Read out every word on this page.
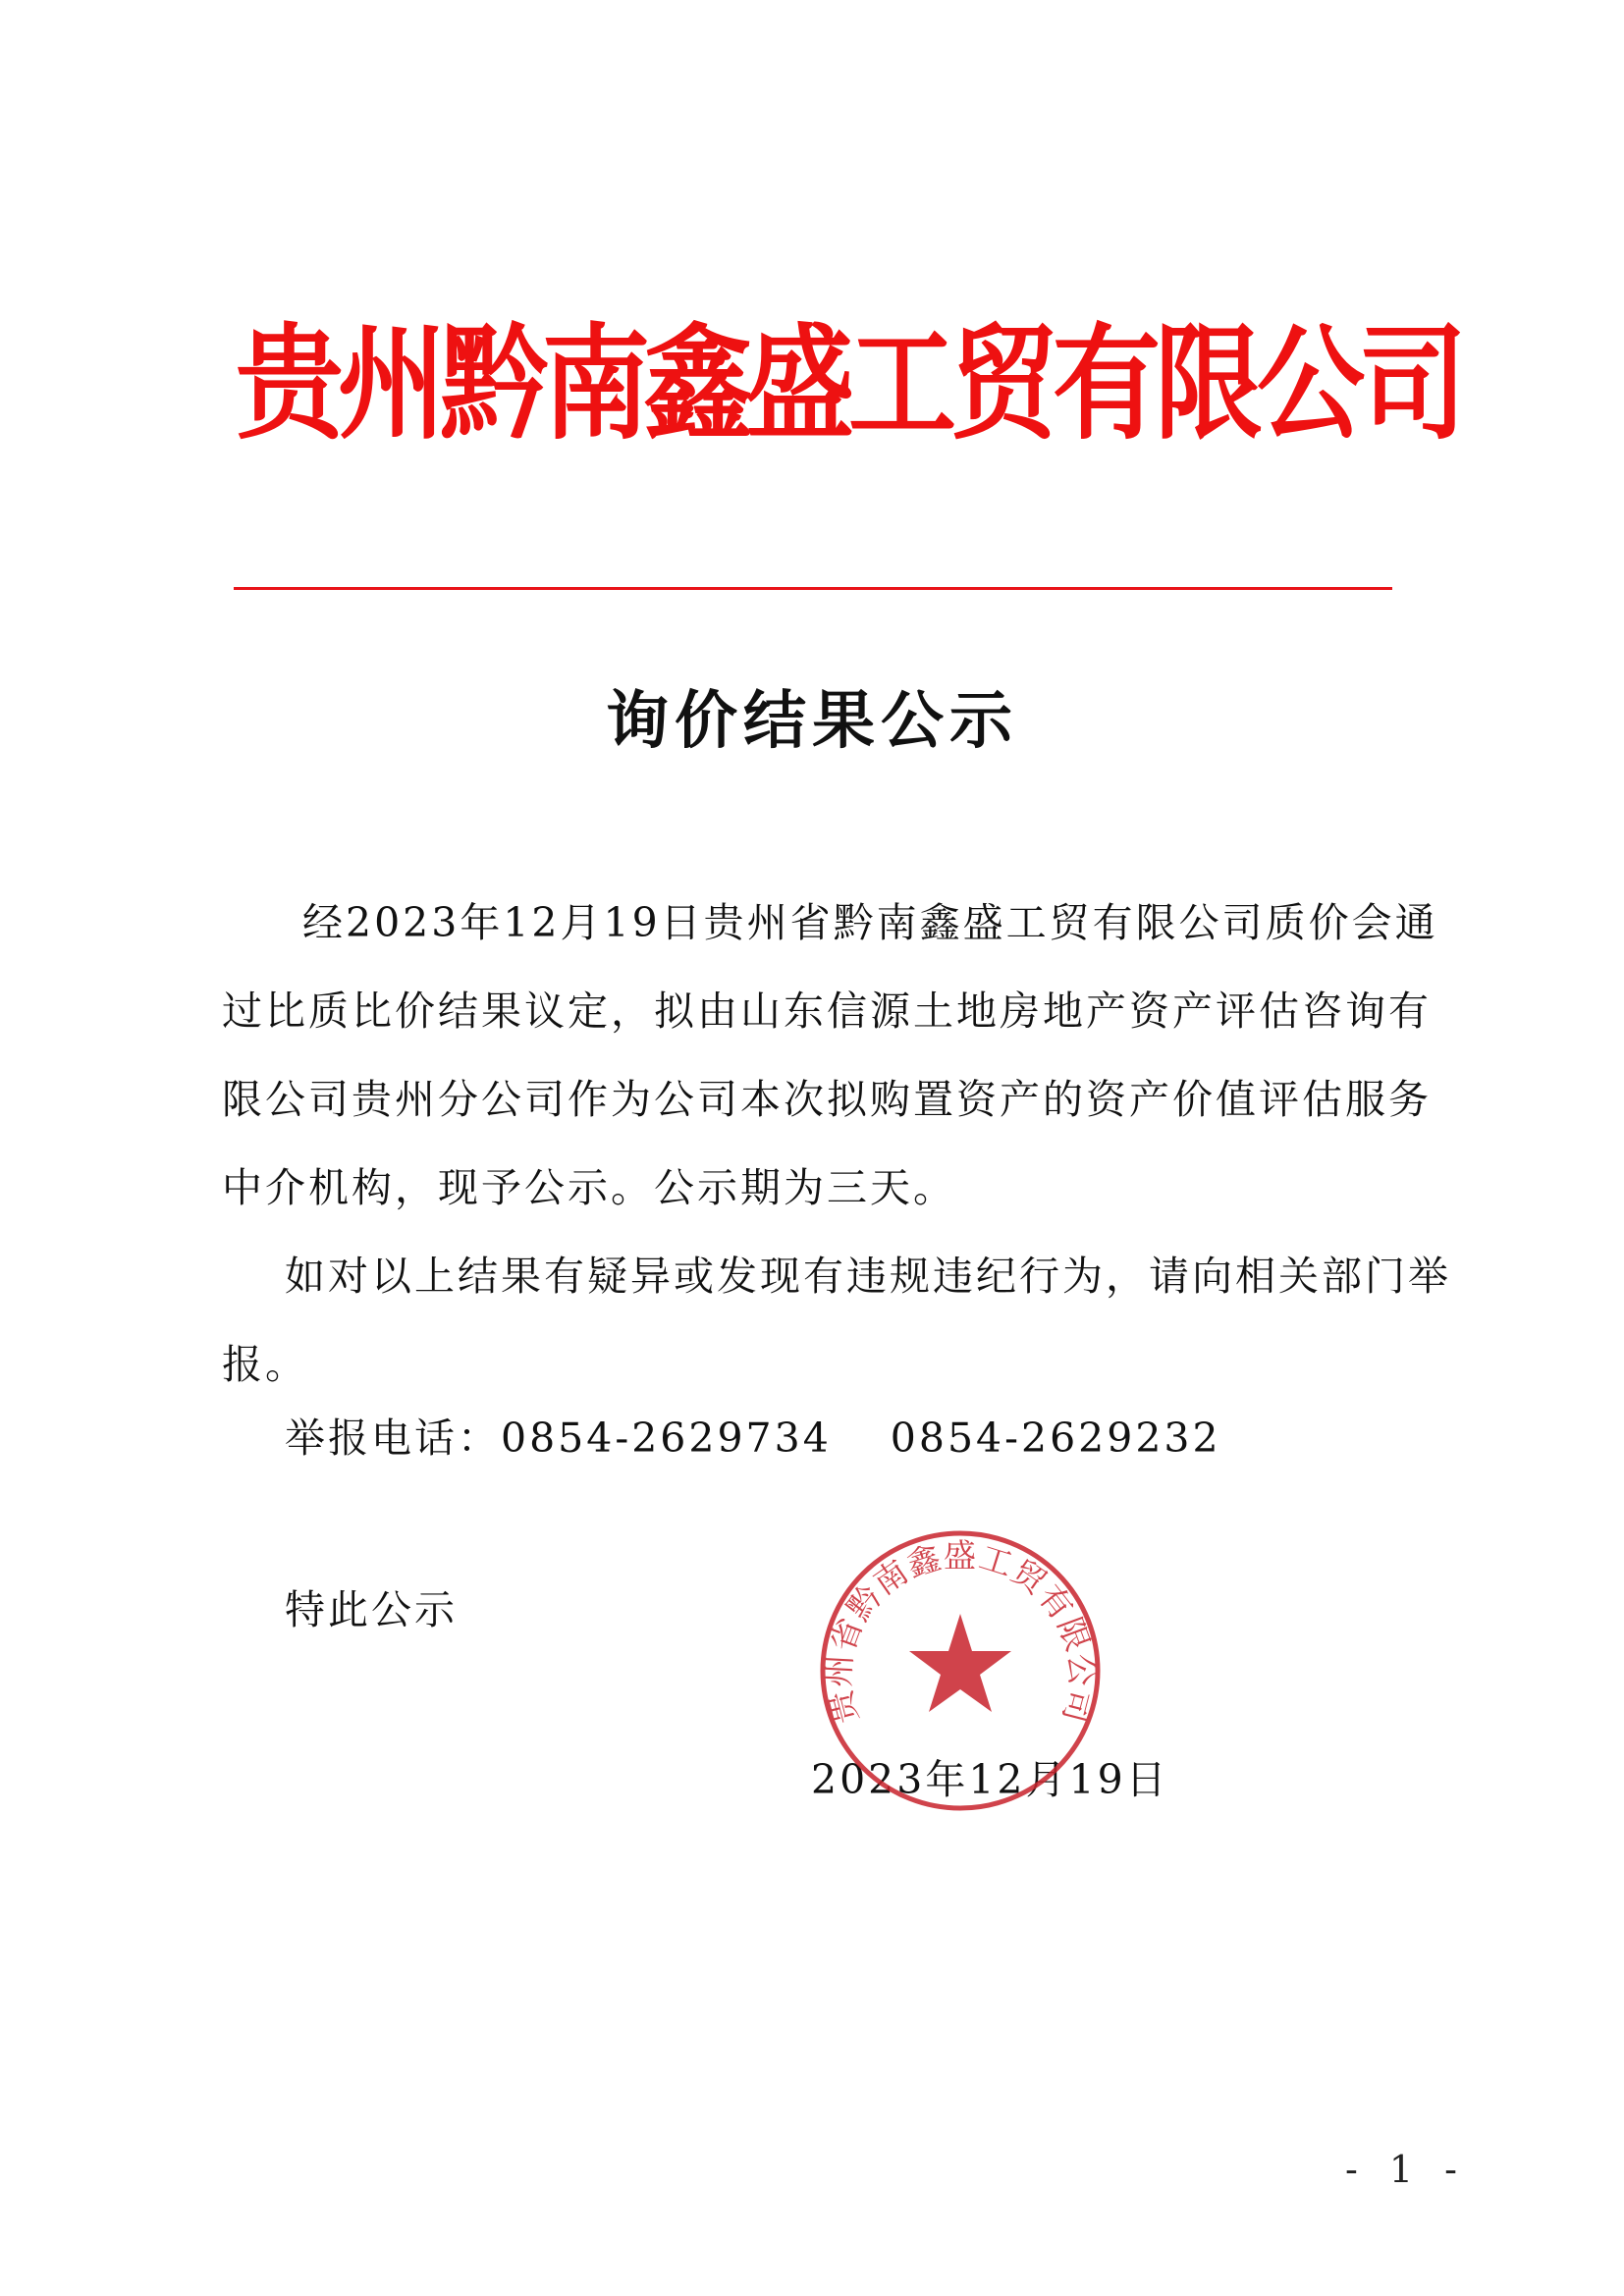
贵州黔南鑫盛工贸有限公司
询价结果公示
经2023年12月19日贵州省黔南鑫盛工贸有限公司质价会通过比质比价结果议定，拟由山东信源土地房地产资产评估咨询有限公司贵州分公司作为公司本次拟购置资产的资产价值评估服务中介机构，现予公示。公示期为三天。
如对以上结果有疑异或发现有违规违纪行为，请向相关部门举报。
举报电话：0854-2629734 0854-2629232
特此公示
贵州省黔南鑫盛工贸有限公司
2023年12月19日
- 1 -
